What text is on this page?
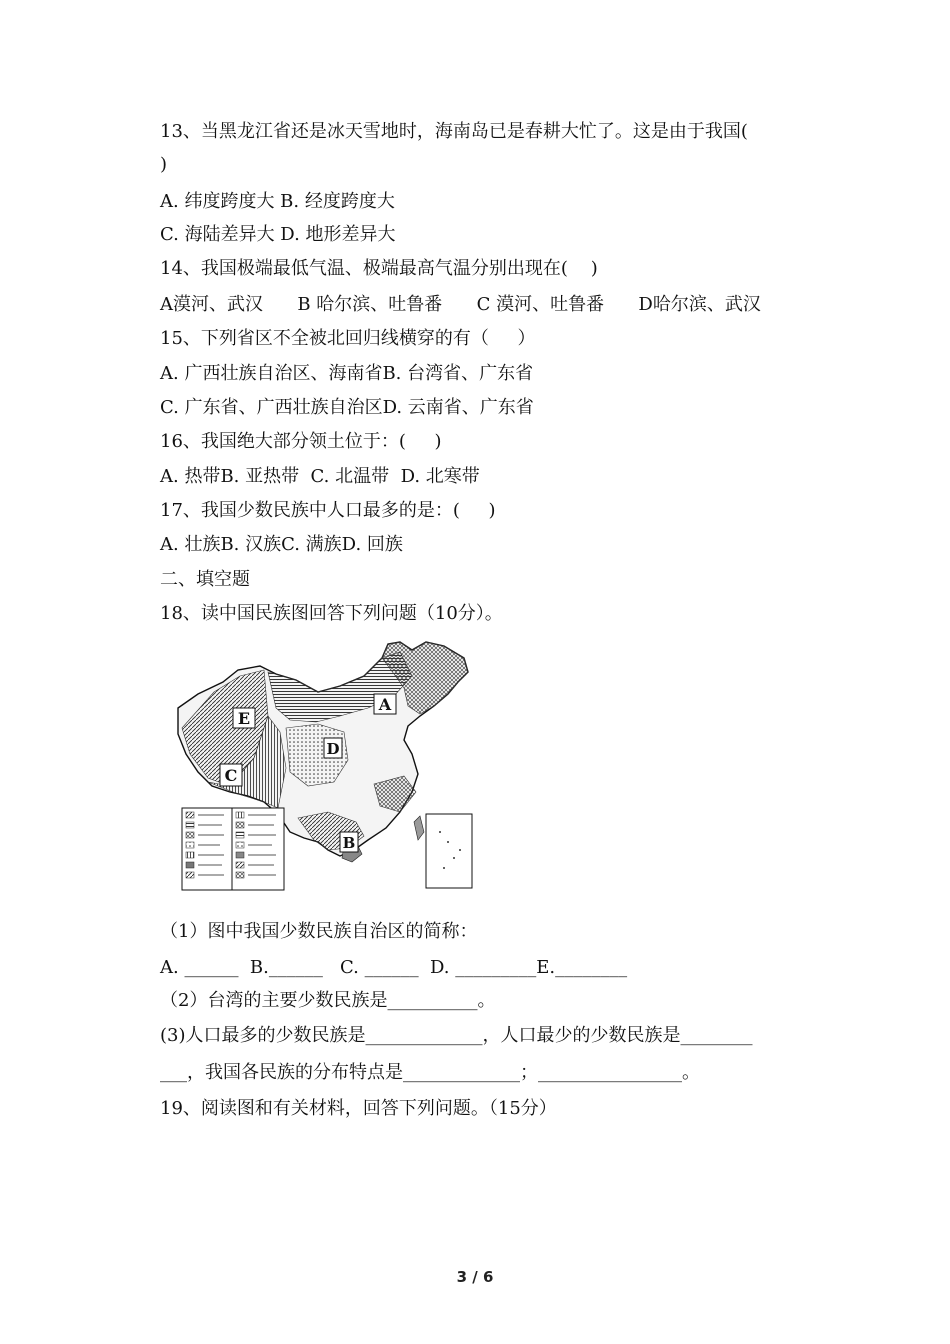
13、当黑龙江省还是冰天雪地时，海南岛已是春耕大忙了。这是由于我国(
)
A. 纬度跨度大 B. 经度跨度大
C. 海陆差异大 D. 地形差异大
14、我国极端最低气温、极端最高气温分别出现在(    )
A漠河、武汉      B 哈尔滨、吐鲁番      C 漠河、吐鲁番      D哈尔滨、武汉
15、下列省区不全被北回归线横穿的有（     ）
A. 广西壮族自治区、海南省B. 台湾省、广东省
C. 广东省、广西壮族自治区D. 云南省、广东省
16、我国绝大部分领土位于：(     )
A. 热带B. 亚热带  C. 北温带  D. 北寒带
17、我国少数民族中人口最多的是：(     )
A. 壮族B. 汉族C. 满族D. 回族
二、填空题
18、读中国民族图回答下列问题（10分）。
（1）图中我国少数民族自治区的简称：
A. ______  B.______   C. ______  D. _________E.________
（2）台湾的主要少数民族是__________。
(3)人口最多的少数民族是_____________，人口最少的少数民族是________
___，我国各民族的分布特点是_____________；________________。
19、阅读图和有关材料，回答下列问题。（15分）
E
A
C
D
B
3 / 6
